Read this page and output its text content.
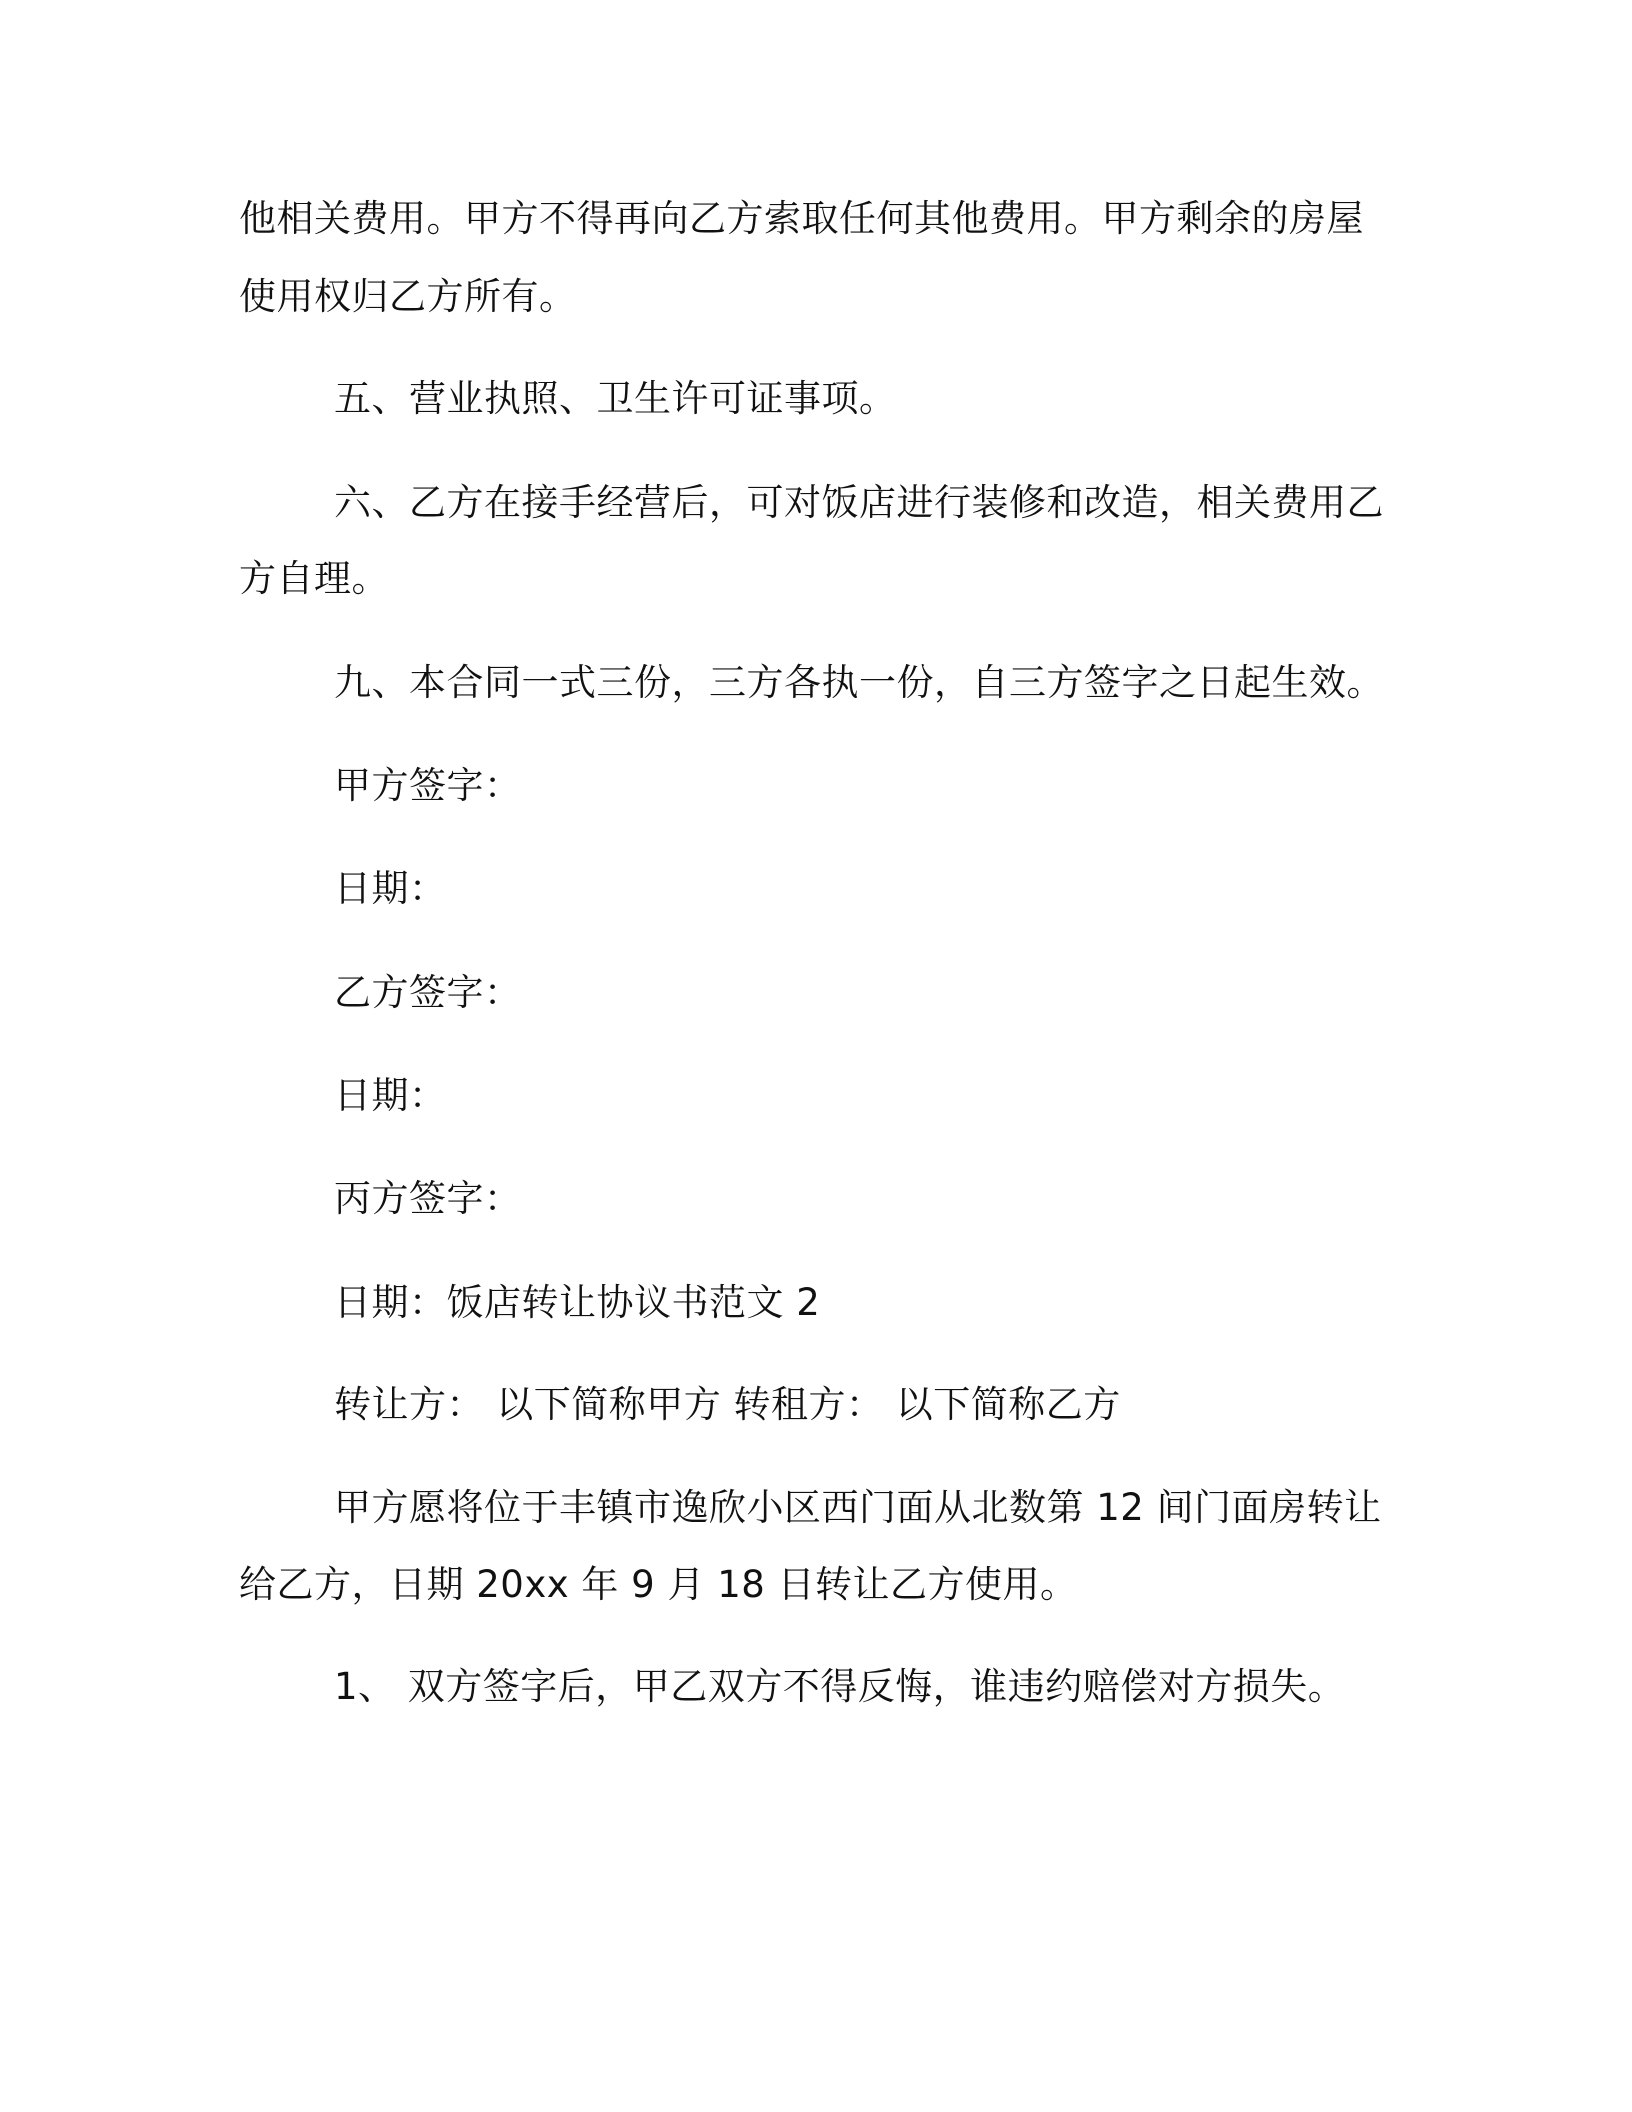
他相关费用。甲方不得再向乙方索取任何其他费用。甲方剩余的房屋
使用权归乙方所有。
五、营业执照、卫生许可证事项。
六、乙方在接手经营后，可对饭店进行装修和改造，相关费用乙
方自理。
九、本合同一式三份，三方各执一份，自三方签字之日起生效。
甲方签字：
日期：
乙方签字：
日期：
丙方签字：
日期：饭店转让协议书范文 2
转让方： 以下简称甲方 转租方： 以下简称乙方
甲方愿将位于丰镇市逸欣小区西门面从北数第 12 间门面房转让
给乙方，日期 20xx 年 9 月 18 日转让乙方使用。
1、 双方签字后，甲乙双方不得反悔，谁违约赔偿对方损失。
